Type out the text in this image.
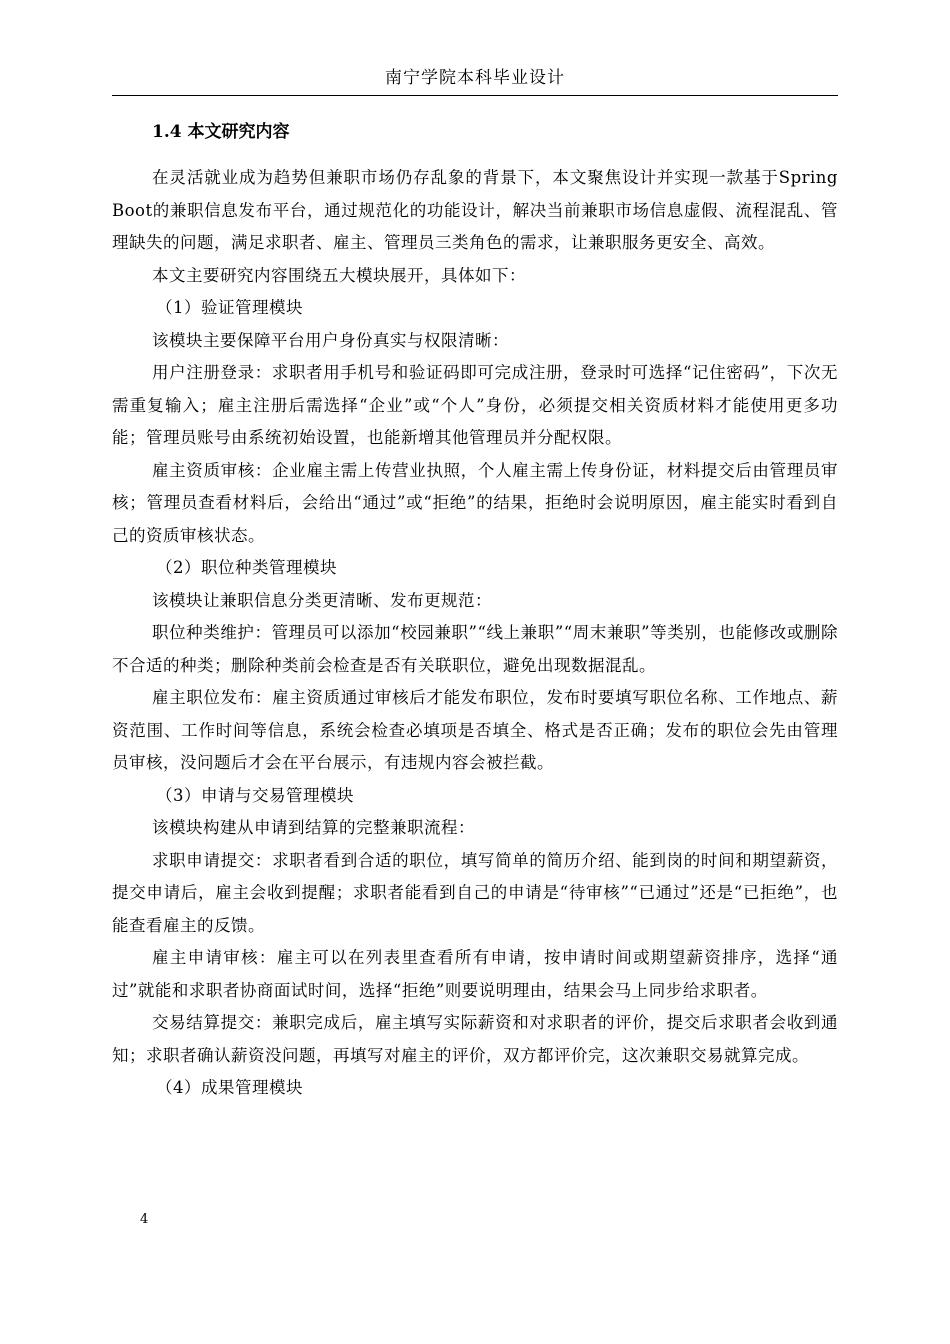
南宁学院本科毕业设计
1.4 本文研究内容

在灵活就业成为趋势但兼职市场仍存乱象的背景下，本文聚焦设计并实现一款基于Spring Boot的兼职信息发布平台，通过规范化的功能设计，解决当前兼职市场信息虚假、流程混乱、管理缺失的问题，满足求职者、雇主、管理员三类角色的需求，让兼职服务更安全、高效。

本文主要研究内容围绕五大模块展开，具体如下：

（1）验证管理模块

该模块主要保障平台用户身份真实与权限清晰：

用户注册登录：求职者用手机号和验证码即可完成注册，登录时可选择“记住密码”，下次无需重复输入；雇主注册后需选择“企业”或“个人”身份，必须提交相关资质材料才能使用更多功能；管理员账号由系统初始设置，也能新增其他管理员并分配权限。

雇主资质审核：企业雇主需上传营业执照，个人雇主需上传身份证，材料提交后由管理员审核；管理员查看材料后，会给出“通过”或“拒绝”的结果，拒绝时会说明原因，雇主能实时看到自己的资质审核状态。

（2）职位种类管理模块

该模块让兼职信息分类更清晰、发布更规范：

职位种类维护：管理员可以添加“校园兼职”“线上兼职”“周末兼职”等类别，也能修改或删除不合适的种类；删除种类前会检查是否有关联职位，避免出现数据混乱。

雇主职位发布：雇主资质通过审核后才能发布职位，发布时要填写职位名称、工作地点、薪资范围、工作时间等信息，系统会检查必填项是否填全、格式是否正确；发布的职位会先由管理员审核，没问题后才会在平台展示，有违规内容会被拦截。

（3）申请与交易管理模块

该模块构建从申请到结算的完整兼职流程：

求职申请提交：求职者看到合适的职位，填写简单的简历介绍、能到岗的时间和期望薪资，提交申请后，雇主会收到提醒；求职者能看到自己的申请是“待审核”“已通过”还是“已拒绝”，也能查看雇主的反馈。

雇主申请审核：雇主可以在列表里查看所有申请，按申请时间或期望薪资排序，选择“通过”就能和求职者协商面试时间，选择“拒绝”则要说明理由，结果会马上同步给求职者。

交易结算提交：兼职完成后，雇主填写实际薪资和对求职者的评价，提交后求职者会收到通知；求职者确认薪资没问题，再填写对雇主的评价，双方都评价完，这次兼职交易就算完成。

（4）成果管理模块

4
